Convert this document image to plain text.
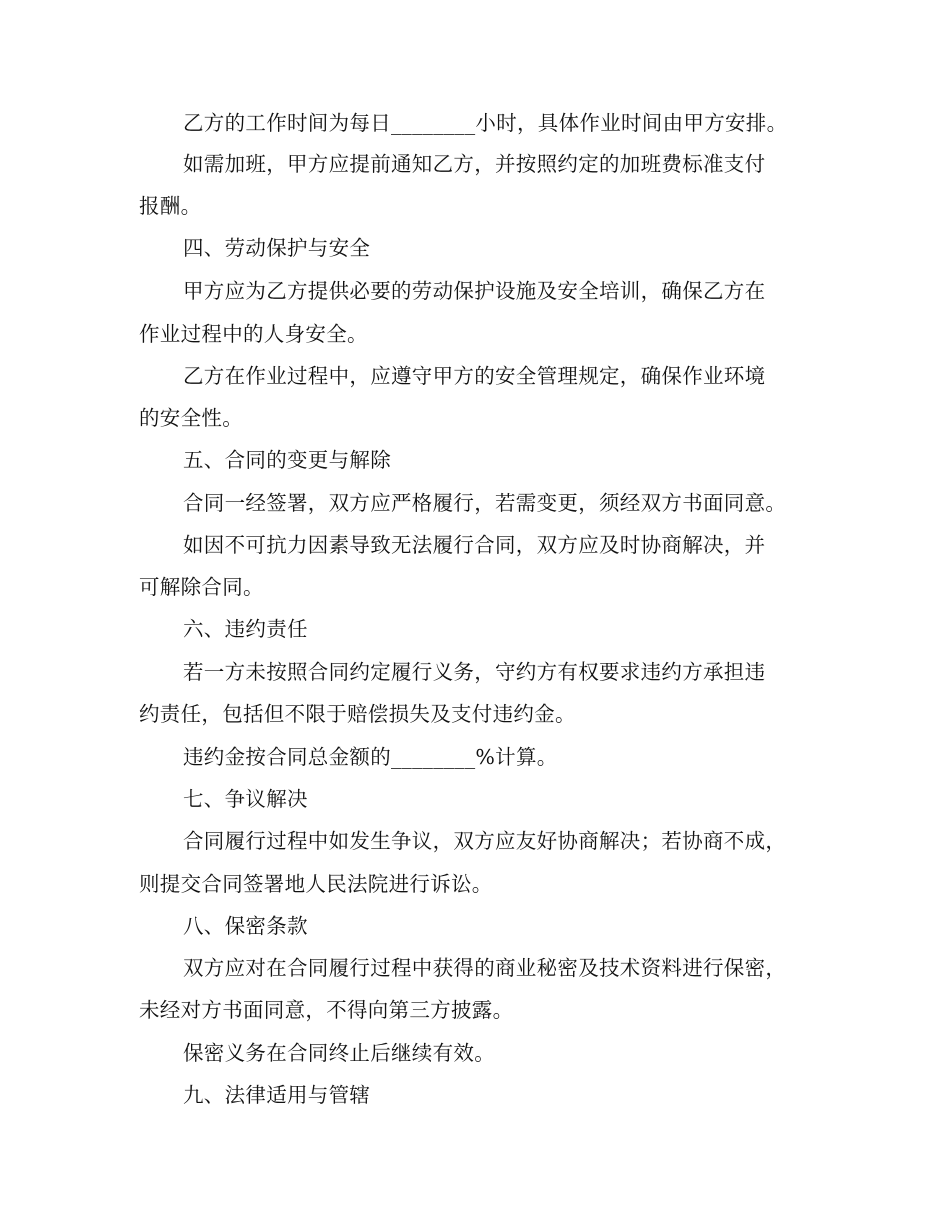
乙方的工作时间为每日________小时，具体作业时间由甲方安排。
如需加班，甲方应提前通知乙方，并按照约定的加班费标准支付
报酬。
四、劳动保护与安全
甲方应为乙方提供必要的劳动保护设施及安全培训，确保乙方在
作业过程中的人身安全。
乙方在作业过程中，应遵守甲方的安全管理规定，确保作业环境
的安全性。
五、合同的变更与解除
合同一经签署，双方应严格履行，若需变更，须经双方书面同意。
如因不可抗力因素导致无法履行合同，双方应及时协商解决，并
可解除合同。
六、违约责任
若一方未按照合同约定履行义务，守约方有权要求违约方承担违
约责任，包括但不限于赔偿损失及支付违约金。
违约金按合同总金额的________%计算。
七、争议解决
合同履行过程中如发生争议，双方应友好协商解决；若协商不成，
则提交合同签署地人民法院进行诉讼。
八、保密条款
双方应对在合同履行过程中获得的商业秘密及技术资料进行保密，
未经对方书面同意，不得向第三方披露。
保密义务在合同终止后继续有效。
九、法律适用与管辖
